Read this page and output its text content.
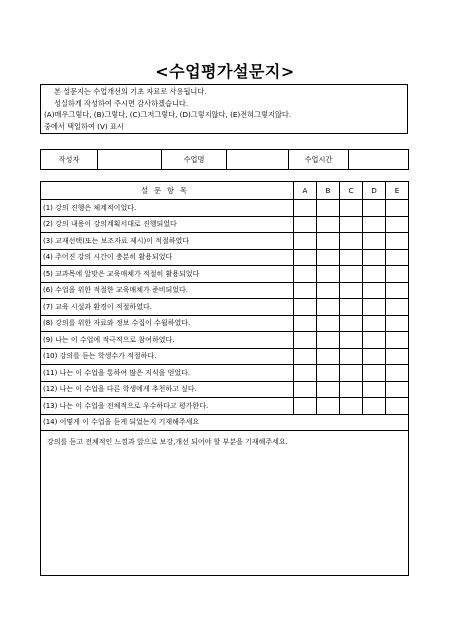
<수업평가설문지>
본 설문지는 수업개선의 기초 자료로 사용됩니다.
성실하게 작성하여 주시면 감사하겠습니다.
(A)매우그렇다, (B)그렇다, (C)그저그렇다, (D)그렇지않다, (E)전혀그렇지않다.
중에서 택일하여 (V) 표시
작성자		수업명		수업시간	
설문항목	A	B	C	D	E
(1) 강의 진행은 체계적이었다.					
(2) 강의 내용이 강의계획서대로 진행되었다					
(3) 교재선택(또는 보조자료 제시)이 적절하였다					
(4) 주어진 강의 시간이 충분히 활용되었다					
(5) 교과목에 알맞은 교육매체가 적절히 활용되었다					
(6) 수업을 위한 적절한 교육매체가 준비되었다.					
(7) 교육 시설과 환경이 적절하였다.					
(8) 강의를 위한 자료와 정보 수집이 수월하였다.					
(9) 나는 이 수업에 적극적으로 참여하였다.					
(10) 강의를 듣는 학생수가 적절하다.					
(11) 나는 이 수업을 통하여 많은 지식을 얻었다.					
(12) 나는 이 수업을 다른 학생에게 추천하고 싶다.					
(13) 나는 이 수업을 전체적으로 우수하다고 평가한다.					
(14) 어떻게 이 수업을 듣게 되었는지 기재해주세요					
강의를 듣고 전체적인 느낌과 앞으로 보강,개선 되어야 할 부분을 기재해주세요.					
